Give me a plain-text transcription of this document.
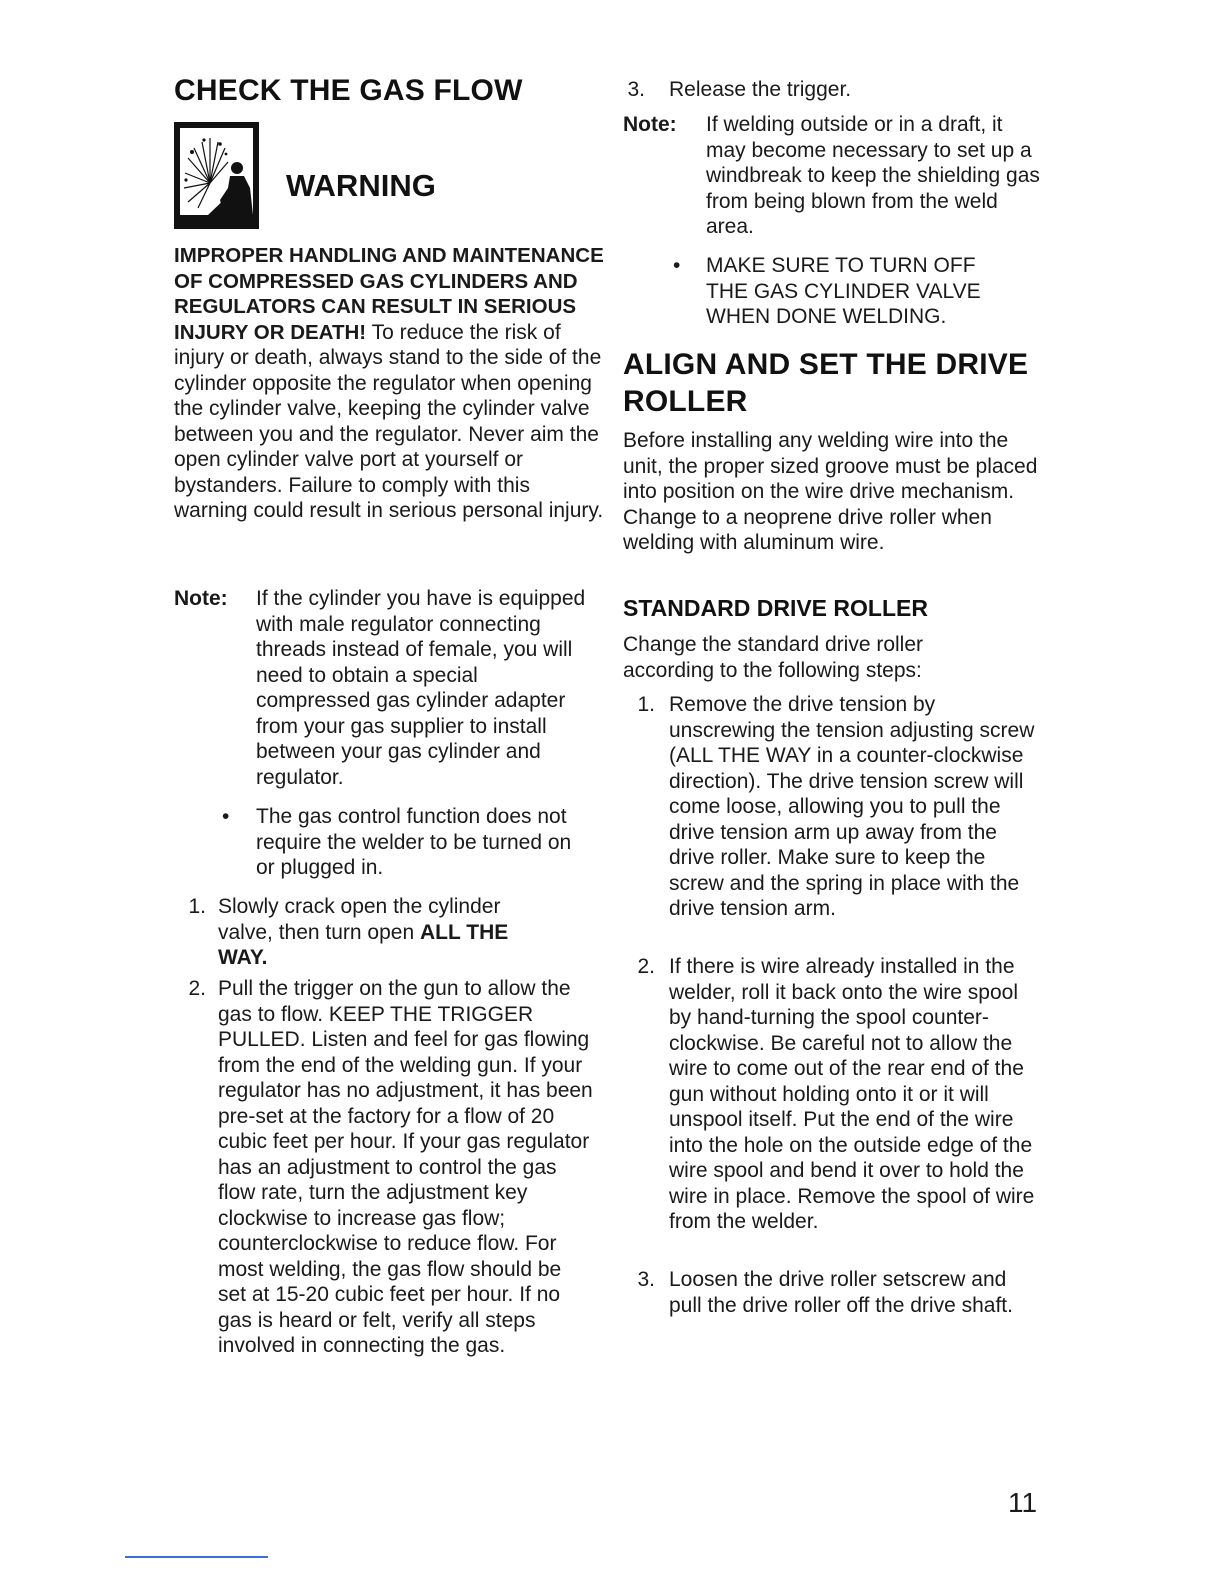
CHECK THE GAS FLOW
WARNING

IMPROPER HANDLING AND MAINTENANCE OF COMPRESSED GAS CYLINDERS AND REGULATORS CAN RESULT IN SERIOUS INJURY OR DEATH! To reduce the risk of injury or death, always stand to the side of the cylinder opposite the regulator when opening the cylinder valve, keeping the cylinder valve between you and the regulator. Never aim the open cylinder valve port at yourself or bystanders. Failure to comply with this warning could result in serious personal injury.

Note: If the cylinder you have is equipped with male regulator connecting threads instead of female, you will need to obtain a special compressed gas cylinder adapter from your gas supplier to install between your gas cylinder and regulator.

• The gas control function does not require the welder to be turned on or plugged in.

1. Slowly crack open the cylinder valve, then turn open ALL THE WAY.

2. Pull the trigger on the gun to allow the gas to flow. KEEP THE TRIGGER PULLED. Listen and feel for gas flowing from the end of the welding gun. If your regulator has no adjustment, it has been pre-set at the factory for a flow of 20 cubic feet per hour. If your gas regulator has an adjustment to control the gas flow rate, turn the adjustment key clockwise to increase gas flow; counterclockwise to reduce flow. For most welding, the gas flow should be set at 15-20 cubic feet per hour. If no gas is heard or felt, verify all steps involved in connecting the gas.

3. Release the trigger.

Note: If welding outside or in a draft, it may become necessary to set up a windbreak to keep the shielding gas from being blown from the weld area.

• MAKE SURE TO TURN OFF THE GAS CYLINDER VALVE WHEN DONE WELDING.

ALIGN AND SET THE DRIVE ROLLER

Before installing any welding wire into the unit, the proper sized groove must be placed into position on the wire drive mechanism. Change to a neoprene drive roller when welding with aluminum wire.

STANDARD DRIVE ROLLER

Change the standard drive roller according to the following steps:

1. Remove the drive tension by unscrewing the tension adjusting screw (ALL THE WAY in a counter-clockwise direction). The drive tension screw will come loose, allowing you to pull the drive tension arm up away from the drive roller. Make sure to keep the screw and the spring in place with the drive tension arm.

2. If there is wire already installed in the welder, roll it back onto the wire spool by hand-turning the spool counter-clockwise. Be careful not to allow the wire to come out of the rear end of the gun without holding onto it or it will unspool itself. Put the end of the wire into the hole on the outside edge of the wire spool and bend it over to hold the wire in place. Remove the spool of wire from the welder.

3. Loosen the drive roller setscrew and pull the drive roller off the drive shaft.

11
